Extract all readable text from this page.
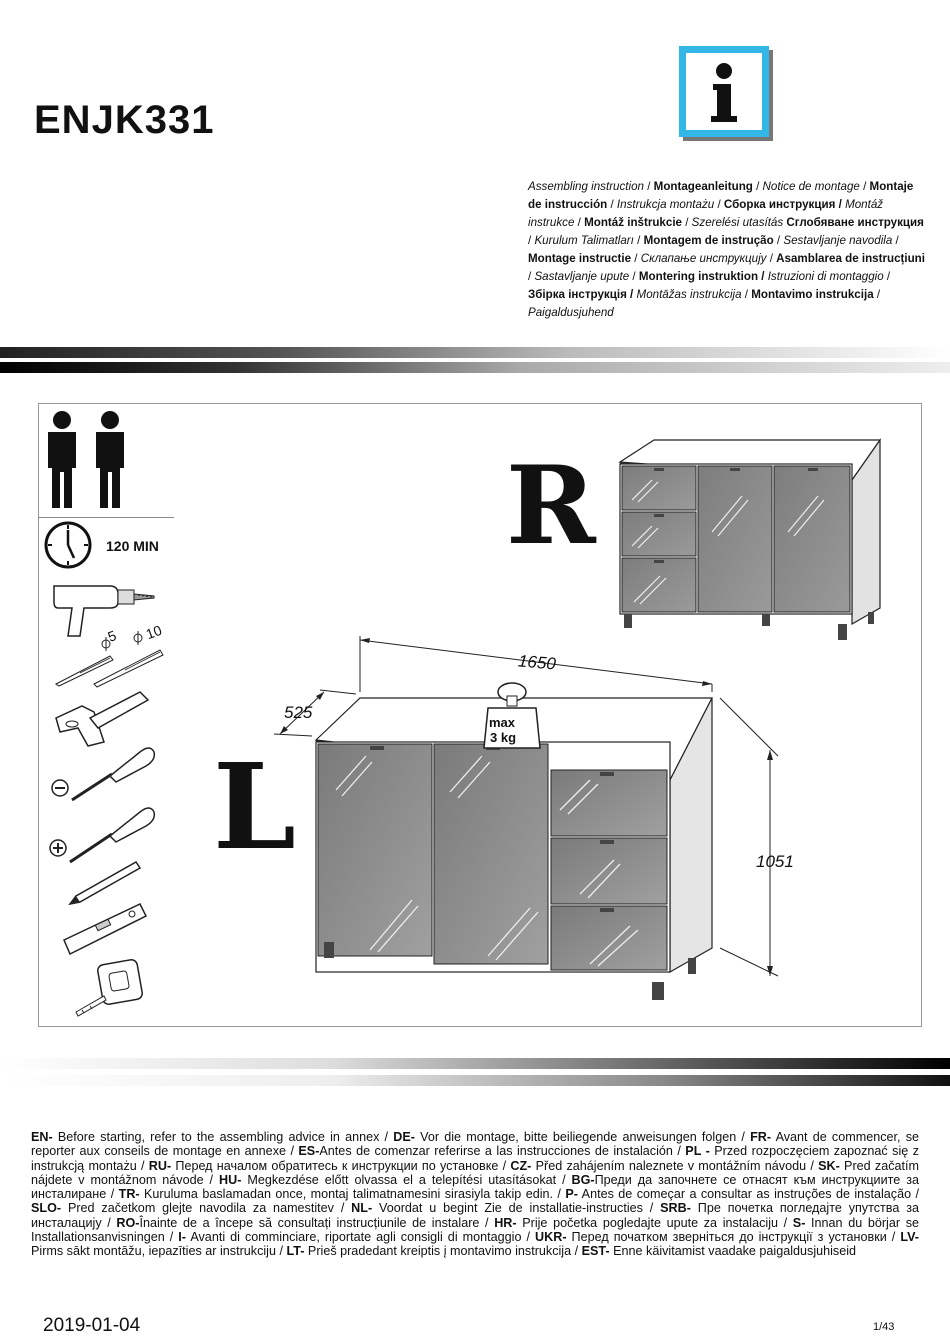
ENJK331
Assembling instruction / Montageanleitung / Notice de montage / Montaje de instrucción / Instrukcja montażu / Сборка инструкция / Montáž instrukce / Montáž inštrukcie / Szerelési utasítás Сглобяване инструкция / Kurulum Talimatları / Montagem de instrução / Sestavljanje navodila / Montage instructie / Склапање инструкцију / Asamblarea de instrucțiuni / Sastavljanje upute / Montering instruktion / Istruzioni di montaggio / Збірка інструкція / Montāžas instrukcija / Montavimo instrukcija / Paigaldusjuhend
120 MIN
5 10
R
L
1650
525
1051
max
3 kg
EN- Before starting, refer to the assembling advice in annex / DE- Vor die montage, bitte beiliegende anweisungen folgen / FR- Avant de commencer, se reporter aux conseils de montage en annexe / ES-Antes de comenzar referirse a las instrucciones de instalación / PL - Przed rozpoczęciem zapoznać się z instrukcją montażu / RU- Перед началом обратитесь к инструкции по установке / CZ- Před zahájením naleznete v montážním návodu / SK- Pred začatím nájdete v montážnom návode / HU- Megkezdése előtt olvassa el a telepítési utasításokat / BG-Преди да започнете се отнасят към инструкциите за инсталиране / TR- Kuruluma baslamadan once, montaj talimatnamesini sirasiyla takip edin. / P- Antes de começar a consultar as instruções de instalação / SLO- Pred začetkom glejte navodila za namestitev / NL- Voordat u begint Zie de installatie-instructies / SRB- Пре почетка погледајте упутства за инсталацију / RO-Înainte de a începe să consultați instrucțiunile de instalare / HR- Prije početka pogledajte upute za instalaciju / S- Innan du börjar se Installationsanvisningen / I- Avanti di comminciare, riportate agli consigli di montaggio / UKR- Перед початком зверніться до інструкції з установки / LV- Pirms sākt montāžu, iepazīties ar instrukciju / LT- Prieš pradedant kreiptis į montavimo instrukcija / EST- Enne käivitamist vaadake paigaldusjuhiseid
2019-01-04	1/43
